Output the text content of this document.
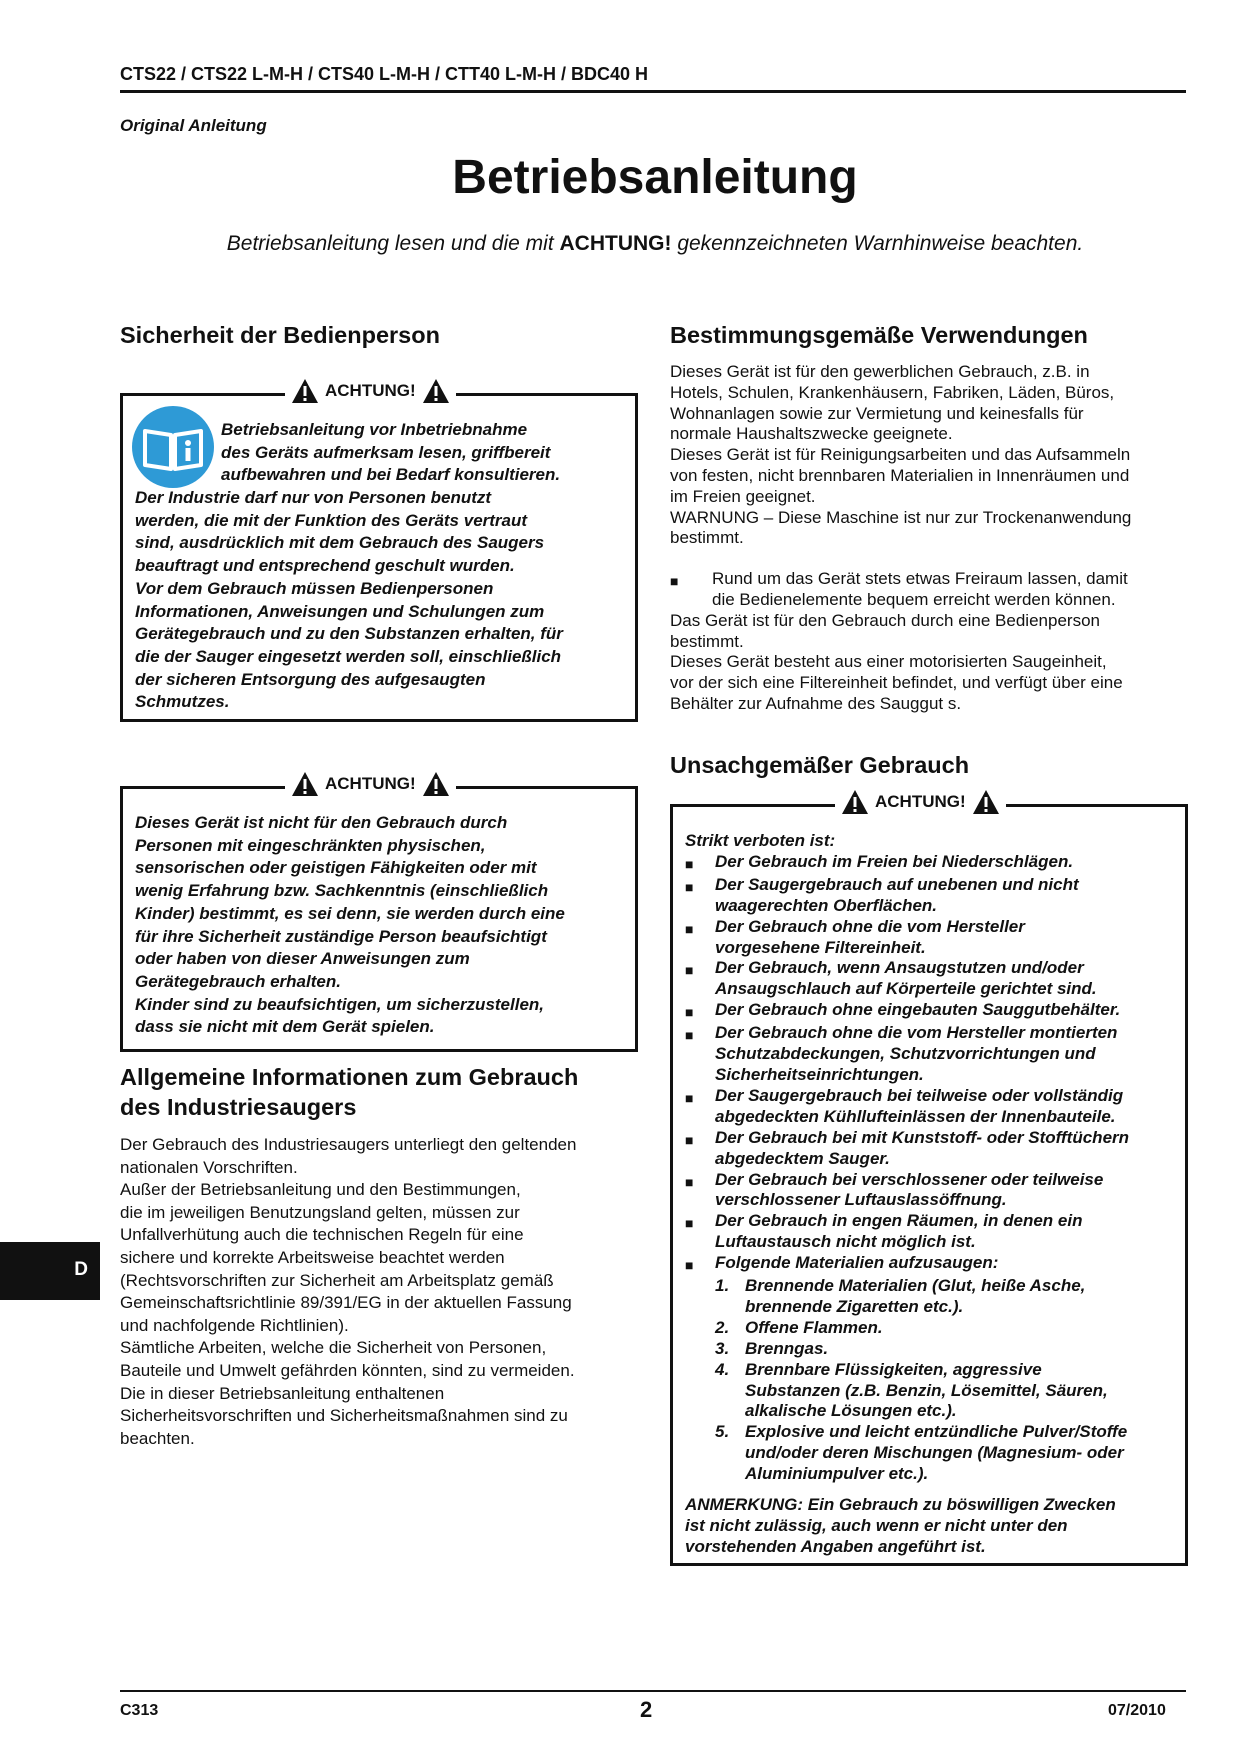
CTS22 / CTS22 L-M-H / CTS40 L-M-H / CTT40 L-M-H / BDC40 H
Original Anleitung
Betriebsanleitung
Betriebsanleitung lesen und die mit ACHTUNG! gekennzeichneten Warnhinweise beachten.
Sicherheit der Bedienperson
ACHTUNG!

Betriebsanleitung vor Inbetriebnahme

des Geräts aufmerksam lesen, griffbereit

aufbewahren und bei Bedarf konsultieren.

Der Industrie darf nur von Personen benutzt

werden, die mit der Funktion des Geräts vertraut

sind, ausdrücklich mit dem Gebrauch des Saugers

beauftragt und entsprechend geschult wurden.

Vor dem Gebrauch müssen Bedienpersonen

Informationen, Anweisungen und Schulungen zum

Gerätegebrauch und zu den Substanzen erhalten, für

die der Sauger eingesetzt werden soll, einschließlich

der sicheren Entsorgung des aufgesaugten

Schmutzes.

ACHTUNG!

Dieses Gerät ist nicht für den Gebrauch durch

Personen mit eingeschränkten physischen,

sensorischen oder geistigen Fähigkeiten oder mit

wenig Erfahrung bzw. Sachkenntnis (einschließlich

Kinder) bestimmt, es sei denn, sie werden durch eine

für ihre Sicherheit zuständige Person beaufsichtigt

oder haben von dieser Anweisungen zum

Gerätegebrauch erhalten.

Kinder sind zu beaufsichtigen, um sicherzustellen,

dass sie nicht mit dem Gerät spielen.

Allgemeine Informationen zum Gebrauch
des Industriesaugers

Der Gebrauch des Industriesaugers unterliegt den geltenden

nationalen Vorschriften.

Außer der Betriebsanleitung und den Bestimmungen,

die im jeweiligen Benutzungsland gelten, müssen zur

Unfallverhütung auch die technischen Regeln für eine

sichere und korrekte Arbeitsweise beachtet werden

(Rechtsvorschriften zur Sicherheit am Arbeitsplatz gemäß

Gemeinschaftsrichtlinie 89/391/EG in der aktuellen Fassung

und nachfolgende Richtlinien).

Sämtliche Arbeiten, welche die Sicherheit von Personen,

Bauteile und Umwelt gefährden könnten, sind zu vermeiden.

Die in dieser Betriebsanleitung enthaltenen

Sicherheitsvorschriften und Sicherheitsmaßnahmen sind zu

beachten.

Bestimmungsgemäße Verwendungen

Dieses Gerät ist für den gewerblichen Gebrauch, z.B. in

Hotels, Schulen, Krankenhäusern, Fabriken, Läden, Büros,

Wohnanlagen sowie zur Vermietung und keinesfalls für

normale Haushaltszwecke geeignete.

Dieses Gerät ist für Reinigungsarbeiten und das Aufsammeln

von festen, nicht brennbaren Materialien in Innenräumen und

im Freien geeignet.

WARNUNG – Diese Maschine ist nur zur Trockenanwendung

bestimmt.

■	Rund um das Gerät stets etwas Freiraum lassen, damit

die Bedienelemente bequem erreicht werden können.

Das Gerät ist für den Gebrauch durch eine Bedienperson

bestimmt.

Dieses Gerät besteht aus einer motorisierten Saugeinheit,

vor der sich eine Filtereinheit befindet, und verfügt über eine

Behälter zur Aufnahme des Sauggut s.

Unsachgemäßer Gebrauch
ACHTUNG!

Strikt verboten ist:

■	Der Gebrauch im Freien bei Niederschlägen.

■	Der Saugergebrauch auf unebenen und nicht

waagerechten Oberflächen.

■	Der Gebrauch ohne die vom Hersteller

vorgesehene Filtereinheit.

■	Der Gebrauch, wenn Ansaugstutzen und/oder

Ansaugschlauch auf Körperteile gerichtet sind.

■	Der Gebrauch ohne eingebauten Sauggutbehälter.

■	Der Gebrauch ohne die vom Hersteller montierten

Schutzabdeckungen, Schutzvorrichtungen und

Sicherheitseinrichtungen.

■	Der Saugergebrauch bei teilweise oder vollständig

abgedeckten Kühllufteinlässen der Innenbauteile.

■	Der Gebrauch bei mit Kunststoff- oder Stofftüchern

abgedecktem Sauger.

■	Der Gebrauch bei verschlossener oder teilweise

verschlossener Luftauslassöffnung.

■	Der Gebrauch in engen Räumen, in denen ein

Luftaustausch nicht möglich ist.

■	Folgende Materialien aufzusaugen:

1. Brennende Materialien (Glut, heiße Asche,

brennende Zigaretten etc.).

2. Offene Flammen.

3. Brenngas.

4. Brennbare Flüssigkeiten, aggressive

Substanzen (z.B. Benzin, Lösemittel, Säuren,

alkalische Lösungen etc.).

5. Explosive und leicht entzündliche Pulver/Stoffe

und/oder deren Mischungen (Magnesium- oder

Aluminiumpulver etc.).

ANMERKUNG: Ein Gebrauch zu böswilligen Zwecken

ist nicht zulässig, auch wenn er nicht unter den

vorstehenden Angaben angeführt ist.

D
C313	2	07/2010
